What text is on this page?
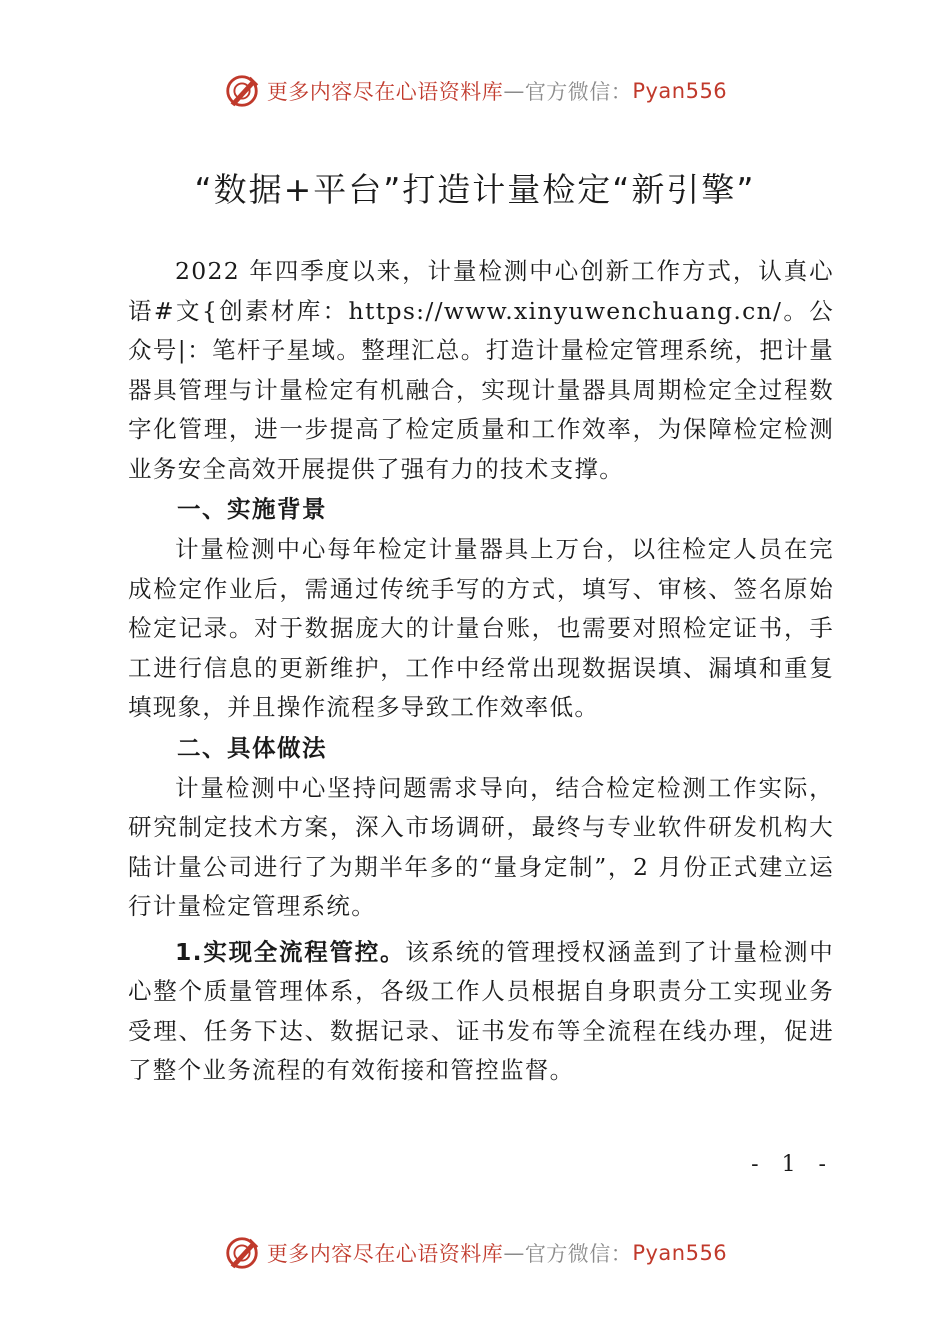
更多内容尽在心语资料库 — 官方微信： Pyan556
“数据+平台”打造计量检定“新引擎”

2022 年四季度以来，计量检测中心创新工作方式，认真心语#文{创素材库：https://www.xinyuwenchuang.cn/。公众号|：笔杆子星域。整理汇总。打造计量检定管理系统，把计量器具管理与计量检定有机融合，实现计量器具周期检定全过程数字化管理，进一步提高了检定质量和工作效率，为保障检定检测业务安全高效开展提供了强有力的技术支撑。

一、实施背景

计量检测中心每年检定计量器具上万台，以往检定人员在完成检定作业后，需通过传统手写的方式，填写、审核、签名原始检定记录。对于数据庞大的计量台账，也需要对照检定证书，手工进行信息的更新维护，工作中经常出现数据误填、漏填和重复填现象，并且操作流程多导致工作效率低。

二、具体做法

计量检测中心坚持问题需求导向，结合检定检测工作实际，研究制定技术方案，深入市场调研，最终与专业软件研发机构大陆计量公司进行了为期半年多的“量身定制”，2 月份正式建立运行计量检定管理系统。

1.实现全流程管控。该系统的管理授权涵盖到了计量检测中心整个质量管理体系，各级工作人员根据自身职责分工实现业务受理、任务下达、数据记录、证书发布等全流程在线办理，促进了整个业务流程的有效衔接和管控监督。

- 1 -
更多内容尽在心语资料库 — 官方微信： Pyan556
